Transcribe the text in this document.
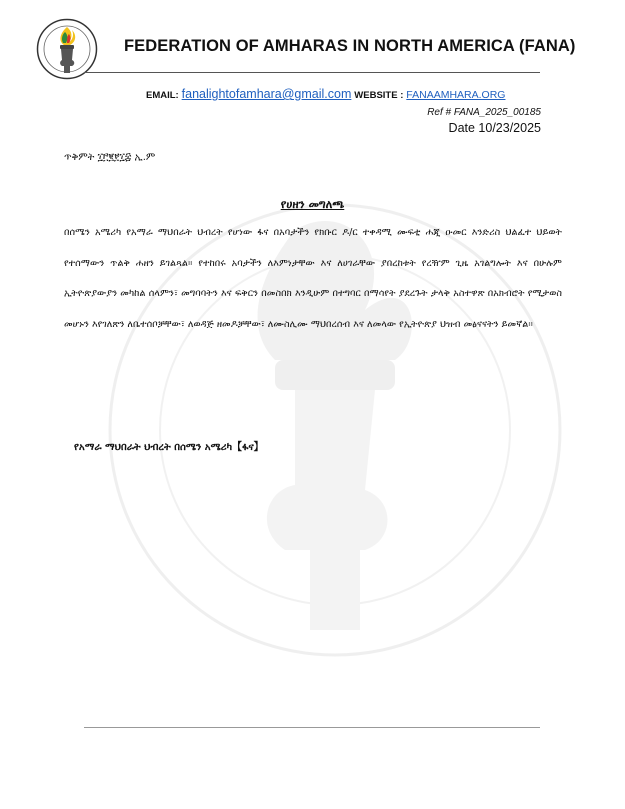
FEDERATION OF AMHARAS IN NORTH AMERICA (FANA)
EMAIL: fanalightofamhara@gmail.com WEBSITE : FANAAMHARA.ORG
Ref # FANA_2025_00185
Date 10/23/2025
ጥቅምት ፲፫፪፻፲፰ ኢ.ም
የሀዘን መግለጫ
በሰሜን አሜሪካ የአማራ ማህበራት ህብረት የሆነው ፋና በአባታችን የክቡር ዶ/ር ተቀዳሚ ሙፍቲ ሐጂ ዑመር እንድሪስ ህልፈተ ህይወት የተሰማውን ጥልቅ ሐዘን ይገልጻል። የተከበሩ አባታችን ለእምነታቸው እና ለሀገራቸው ያበረከቱት የረዥም ጊዜ አገልግሎት እና በሁሉም ኢትዮጵያውያን መካከል ሰላምን፣ መግባባትን እና ፍቅርን በመስበክ እንዲሁም በተግባር በማሳየት ያደረጉት ታላቅ አስተዋጽ በአክብሮት የሚታወስ መሆኑን እየገለጽን ለቤተሰቦቻቸው፣ ለወዳጅ ዘመዶቻቸው፣ ለሙስሊሙ ማህበረሰብ እና ለመላው የኢትዮጵያ ህዝብ መፅናናትን ይመኛል።
የአማራ ማህበራት ህብረት በሰሜን አሜሪካ【ፋና】
